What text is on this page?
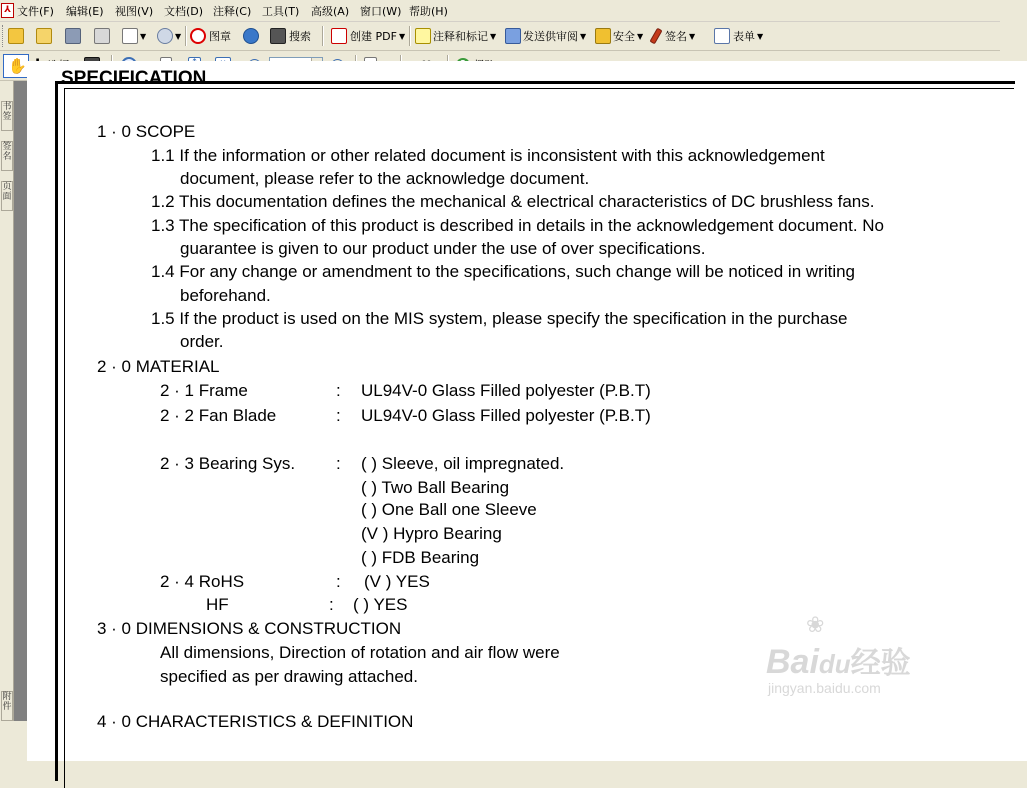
⅄ 文件(F) 编辑(E) 视图(V) 文档(D) 注释(C) 工具(T) 高级(A) 窗口(W) 帮助(H)
▼	▼	图章	搜索	创建 PDF ▼	注释和标记 ▼ 发送供审阅 ▼ 安全 ▼ 签名 ▼	表单 ▼
✋
书签
签名
页面
附件
SPECIFICATION
1 · 0 SCOPE
1.1 If the information or other related document is inconsistent with this acknowledgement
document, please refer to the acknowledge document.
1.2 This documentation defines the mechanical & electrical characteristics of DC brushless fans.
1.3 The specification of this product is described in details in the acknowledgement document. No
guarantee is given to our product under the use of over specifications.
1.4 For any change or amendment to the specifications, such change will be noticed in writing
beforehand.
1.5 If the product is used on the MIS system, please specify the specification in the purchase
order.
2 · 0 MATERIAL
2 · 1 Frame	: UL94V-0 Glass Filled polyester (P.B.T)
2 · 2 Fan Blade	: UL94V-0 Glass Filled polyester (P.B.T)
2 · 3 Bearing Sys. : ( ) Sleeve, oil impregnated.
( ) Two Ball Bearing
( ) One Ball one Sleeve
(V ) Hypro Bearing
( ) FDB Bearing
2 · 4 RoHS	: (V ) YES
HF	: ( ) YES
3 · 0 DIMENSIONS & CONSTRUCTION
All dimensions, Direction of rotation and air flow were
specified as per drawing attached.
4 · 0 CHARACTERISTICS & DEFINITION
❀
Baidu经验
jingyan.baidu.com
